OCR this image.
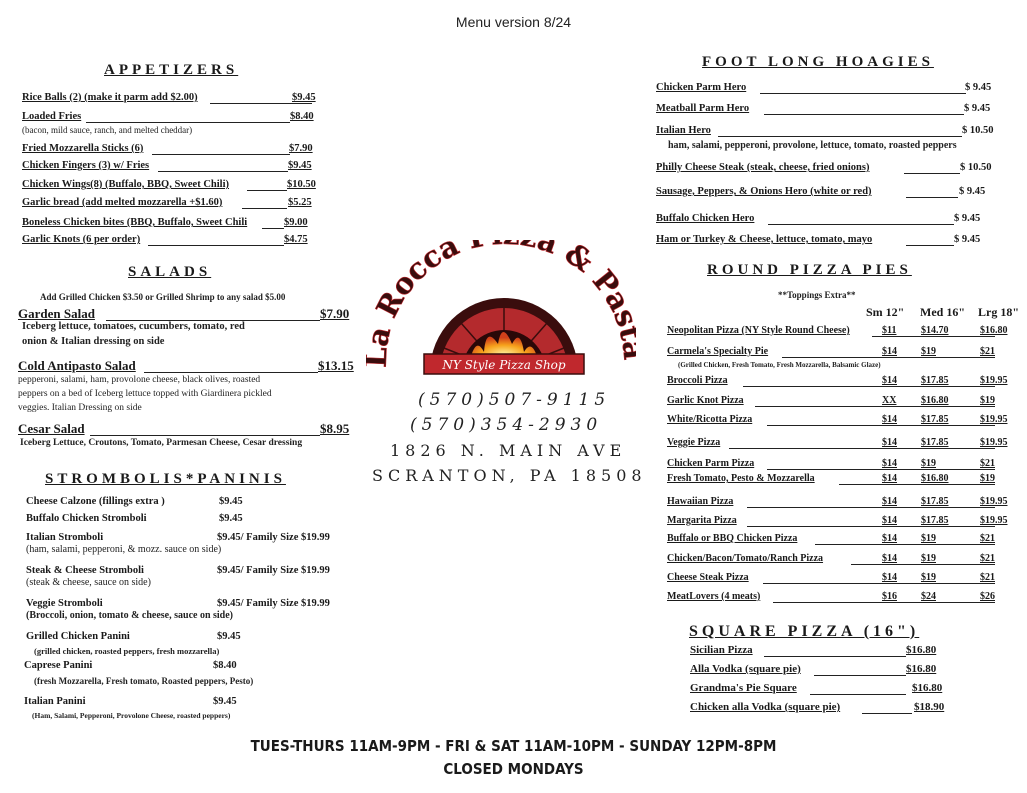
Menu version 8/24
APPETIZERS
Rice Balls (2) (make it parm add $2.00)	$9.45
Loaded Fries	$8.40
(bacon, mild sauce, ranch, and melted cheddar)
Fried Mozzarella Sticks (6)	$7.90
Chicken Fingers (3) w/ Fries	$9.45
Chicken Wings(8) (Buffalo, BBQ, Sweet Chili)	$10.50
Garlic bread (add melted mozzarella +$1.60)	$5.25
Boneless Chicken bites (BBQ, Buffalo, Sweet Chili	$9.00
Garlic Knots (6 per order)	$4.75
SALADS
Add Grilled Chicken $3.50 or Grilled Shrimp to any salad $5.00
Garden Salad	$7.90
Iceberg lettuce, tomatoes, cucumbers, tomato, red
onion & Italian dressing on side
Cold Antipasto Salad	$13.15
pepperoni, salami, ham, provolone cheese, black olives, roasted
peppers on a bed of Iceberg lettuce topped with Giardinera pickled
veggies. Italian Dressing on side
Cesar Salad	$8.95
Iceberg Lettuce, Croutons, Tomato, Parmesan Cheese, Cesar dressing
STROMBOLIS*PANINIS
Cheese Calzone (fillings extra )	$9.45
Buffalo Chicken Stromboli	$9.45
Italian Stromboli	$9.45/ Family Size $19.99
(ham, salami, pepperoni, & mozz. sauce on side)
Steak & Cheese Stromboli	$9.45/ Family Size $19.99
(steak & cheese, sauce on side)
Veggie Stromboli	$9.45/ Family Size $19.99
(Broccoli, onion, tomato & cheese, sauce on side)
Grilled Chicken Panini	$9.45
(grilled chicken, roasted peppers, fresh mozzarella)
Caprese Panini	$8.40
(fresh Mozzarella, Fresh tomato, Roasted peppers, Pesto)
Italian Panini	$9.45
(Ham, Salami, Pepperoni, Provolone Cheese, roasted peppers)
NY Style Pizza Shop
Rocca a & Pa
(570)507-9115
(570)354-2930
1826 N. MAIN AVE
SCRANTON, PA 18508
FOOT LONG HOAGIES
Chicken Parm Hero	$ 9.45
Meatball Parm Hero	$ 9.45
Italian Hero	$ 10.50
ham, salami, pepperoni, provolone, lettuce, tomato, roasted peppers
Philly Cheese Steak (steak, cheese, fried onions)	$ 10.50
Sausage, Peppers, & Onions Hero (white or red)	$ 9.45
Buffalo Chicken Hero	$ 9.45
Ham or Turkey & Cheese, lettuce, tomato, mayo	$ 9.45
ROUND PIZZA PIES
**Toppings Extra**
Sm 12" Med 16" Lrg 18"
Neopolitan Pizza (NY Style Round Cheese)	$11 $14.70	$16.80
Carmela's Specialty Pie	$14 $19	$21
Broccoli Pizza	$14 $17.85	$19.95
Garlic Knot Pizza	XX $16.80	$19
White/Ricotta Pizza	$14 $17.85	$19.95
Veggie Pizza	$14 $17.85	$19.95
Chicken Parm Pizza	$14 $19	$21
Fresh Tomato, Pesto & Mozzarella	$14 $16.80	$19
Hawaiian Pizza	$14 $17.85	$19.95
Margarita Pizza	$14 $17.85	$19.95
Buffalo or BBQ Chicken Pizza	$14 $19	$21
Chicken/Bacon/Tomato/Ranch Pizza	$14 $19	$21
Cheese Steak Pizza	$14 $19	$21
MeatLovers (4 meats)	$16 $24	$26
(Grilled Chicken, Fresh Tomato, Fresh Mozzarella, Balsamic Glaze)
SQUARE PIZZA (16")
Sicilian Pizza	$16.80
Alla Vodka (square pie)	$16.80
Grandma's Pie Square	$16.80
Chicken alla Vodka (square pie)	$18.90
TUES-THURS 11AM-9PM - FRI & SAT 11AM-10PM - SUNDAY 12PM-8PM
CLOSED MONDAYS
